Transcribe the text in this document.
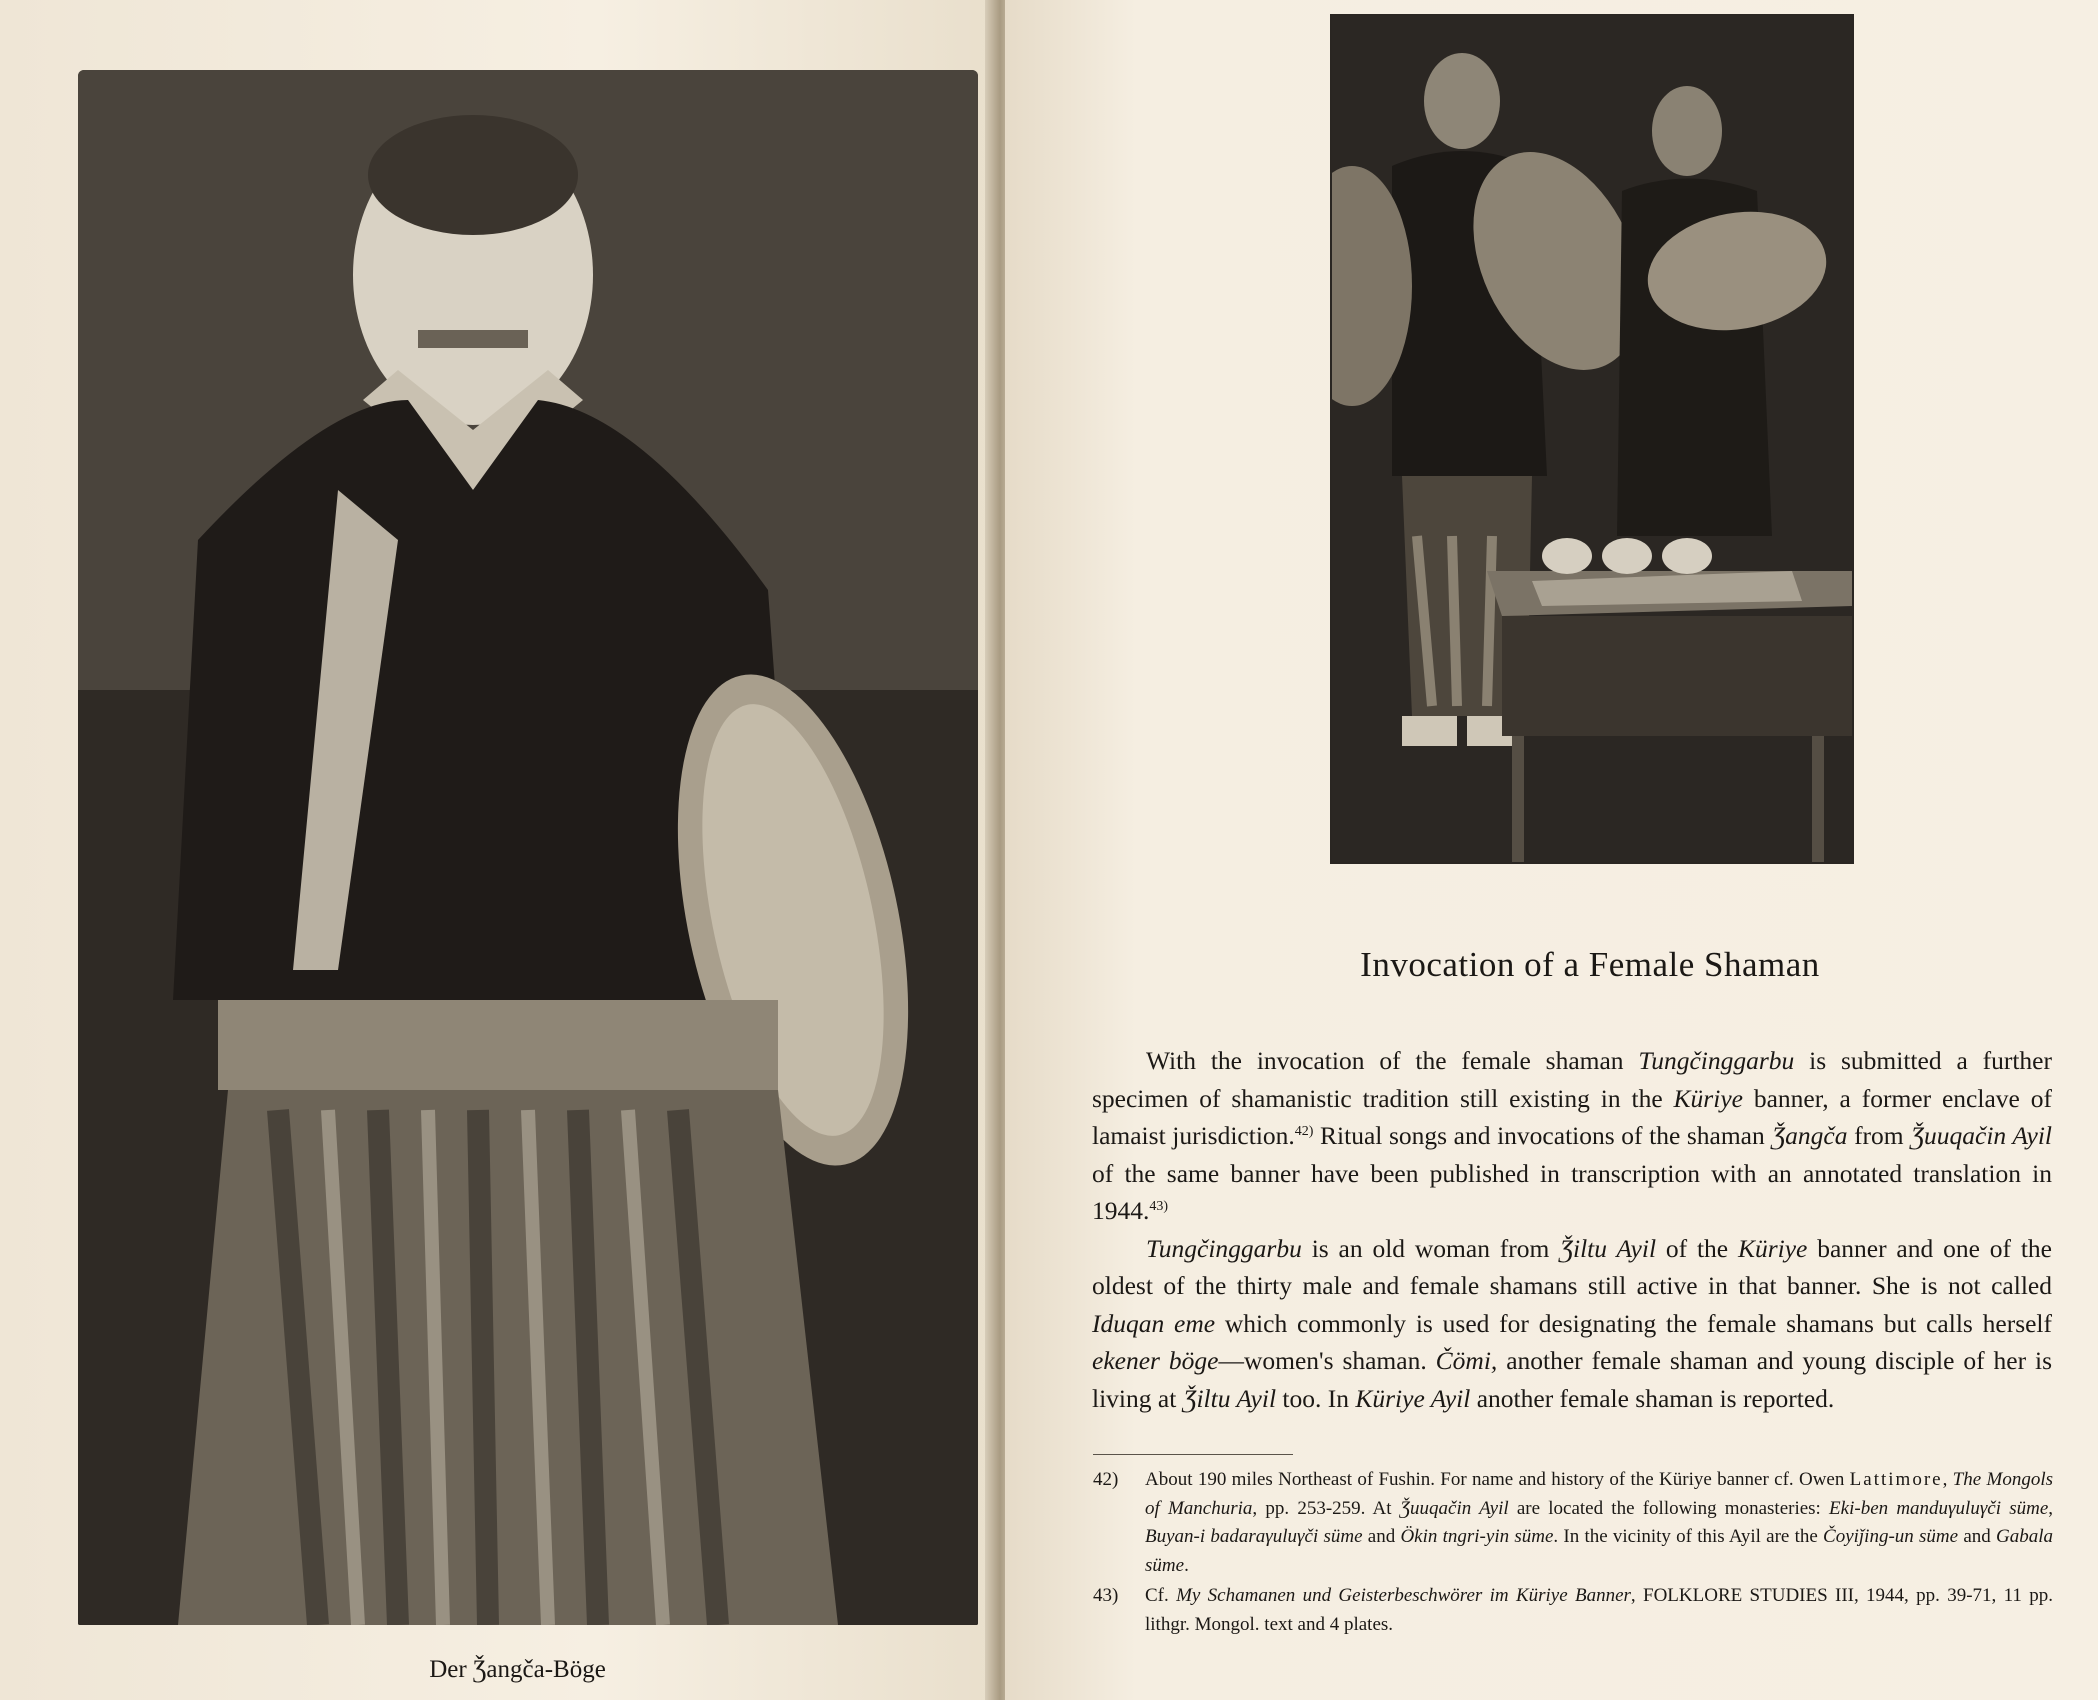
Der Ǯangča-Böge
Invocation of a Female Shaman

With the invocation of the female shaman Tungčinggarbu is submitted a further specimen of shamanistic tradition still existing in the Küriye banner, a former enclave of lamaist jurisdiction.$^{42)}$ Ritual songs and invocations of the shaman Ǯangča from Ǯuuqačin Ayil of the same banner have been published in transcription with an annotated translation in 1944.$^{43)}$

Tungčinggarbu is an old woman from Ǯiltu Ayil of the Küriye banner and one of the oldest of the thirty male and female shamans still active in that banner. She is not called Iduqan eme which commonly is used for designating the female shamans but calls herself ekener böge—women's shaman. Čömi, another female shaman and young disciple of her is living at Ǯiltu Ayil too. In Küriye Ayil another female shaman is reported.

42)	About 190 miles Northeast of Fushin. For name and history of the Küriye banner cf. Owen Lattimore, The Mongols of Manchuria, pp. 253-259. At Ǯuuqačin Ayil are located the following monasteries: Eki-ben manduγuluγči süme, Buyan-i badaraγuluγči süme and Ökin tngri-yin süme. In the vicinity of this Ayil are the Čoyiǰing-un süme and Gabala süme.
43)	Cf. My Schamanen und Geisterbeschwörer im Küriye Banner, FOLKLORE STUDIES III, 1944, pp. 39-71, 11 pp. lithgr. Mongol. text and 4 plates.
